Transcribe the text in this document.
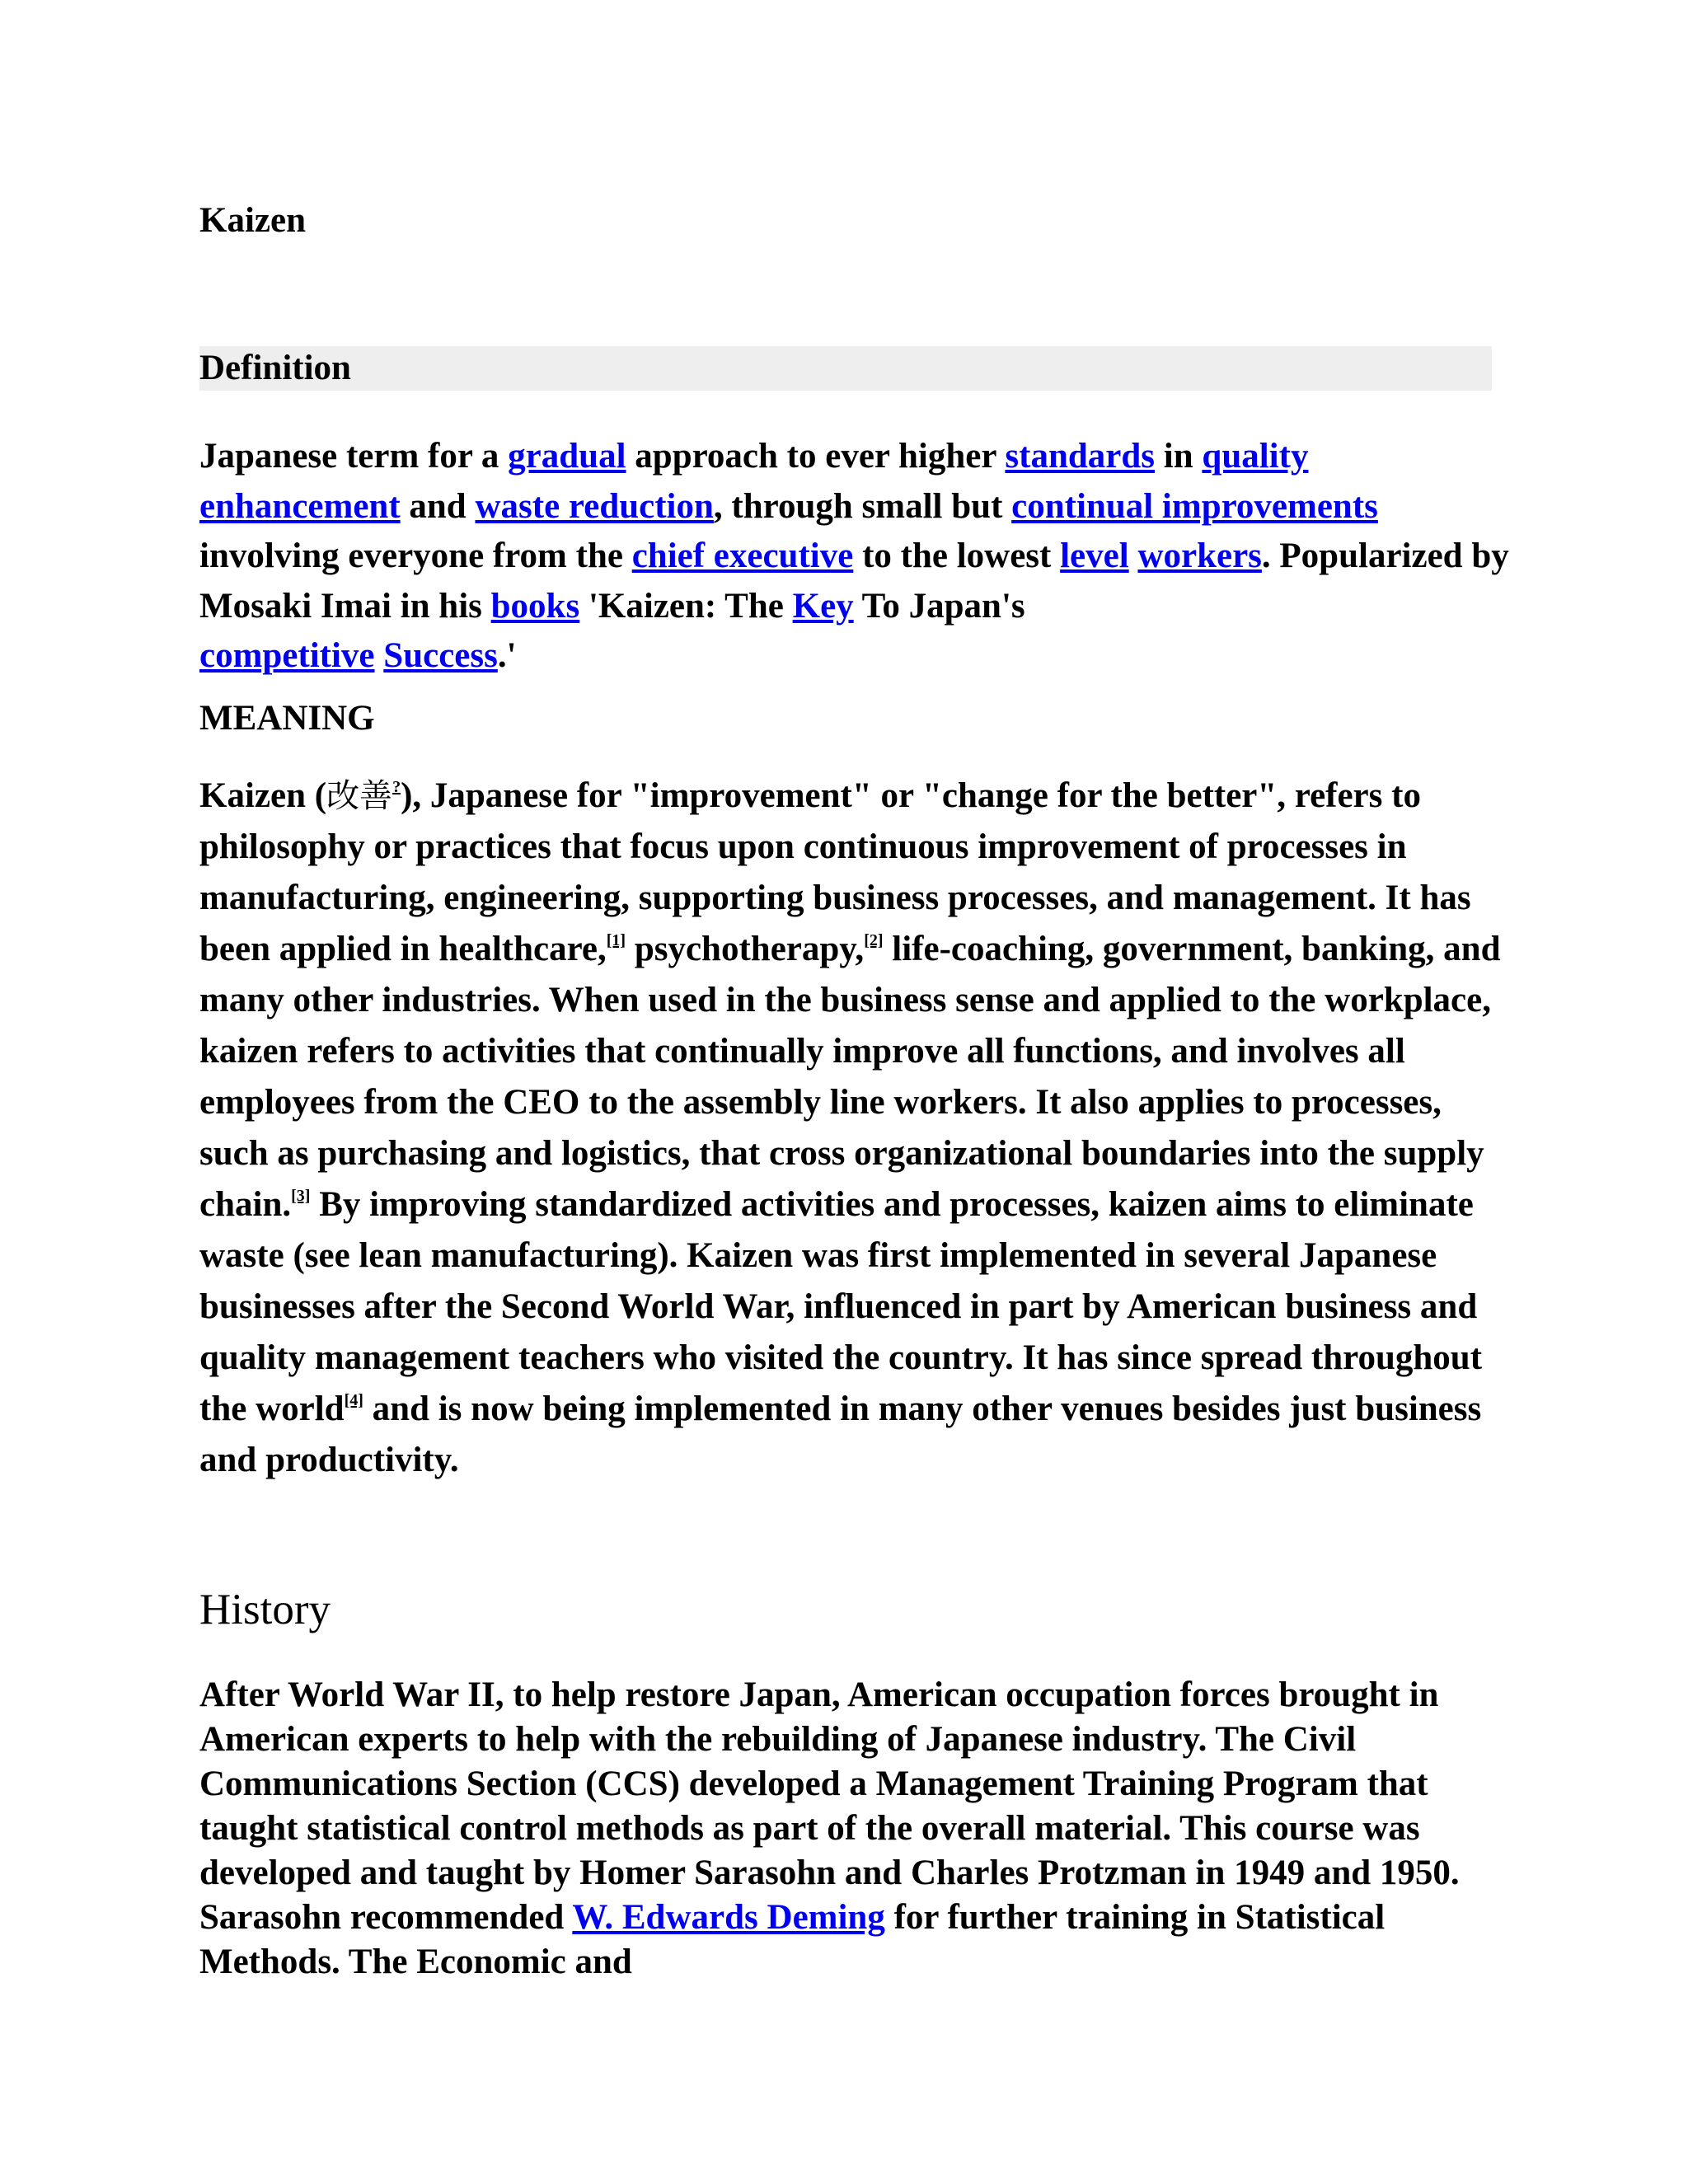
Kaizen
Definition

Japanese term for a gradual approach to ever higher standards in quality
enhancement and waste reduction, through small but continual improvements
involving everyone from the chief executive to the lowest level workers. Popularized by Mosaki Imai in his books 'Kaizen: The Key To Japan's
competitive Success.'

MEANING

Kaizen (改善?), Japanese for "improvement" or "change for the better", refers to philosophy or practices that focus upon continuous improvement of processes in manufacturing, engineering, supporting business processes, and management. It has been applied in healthcare,[1] psychotherapy,[2] life-coaching, government, banking, and many other industries. When used in the business sense and applied to the workplace, kaizen refers to activities that continually improve all functions, and involves all employees from the CEO to the assembly line workers. It also applies to processes, such as purchasing and logistics, that cross organizational boundaries into the supply chain.[3] By improving standardized activities and processes, kaizen aims to eliminate waste (see lean manufacturing). Kaizen was first implemented in several Japanese businesses after the Second World War, influenced in part by American business and quality management teachers who visited the country. It has since spread throughout the world[4] and is now being implemented in many other venues besides just business and productivity.

History

After World War II, to help restore Japan, American occupation forces brought in American experts to help with the rebuilding of Japanese industry. The Civil Communications Section (CCS) developed a Management Training Program that taught statistical control methods as part of the overall material. This course was developed and taught by Homer Sarasohn and Charles Protzman in 1949 and 1950. Sarasohn recommended W. Edwards Deming for further training in Statistical Methods. The Economic and
